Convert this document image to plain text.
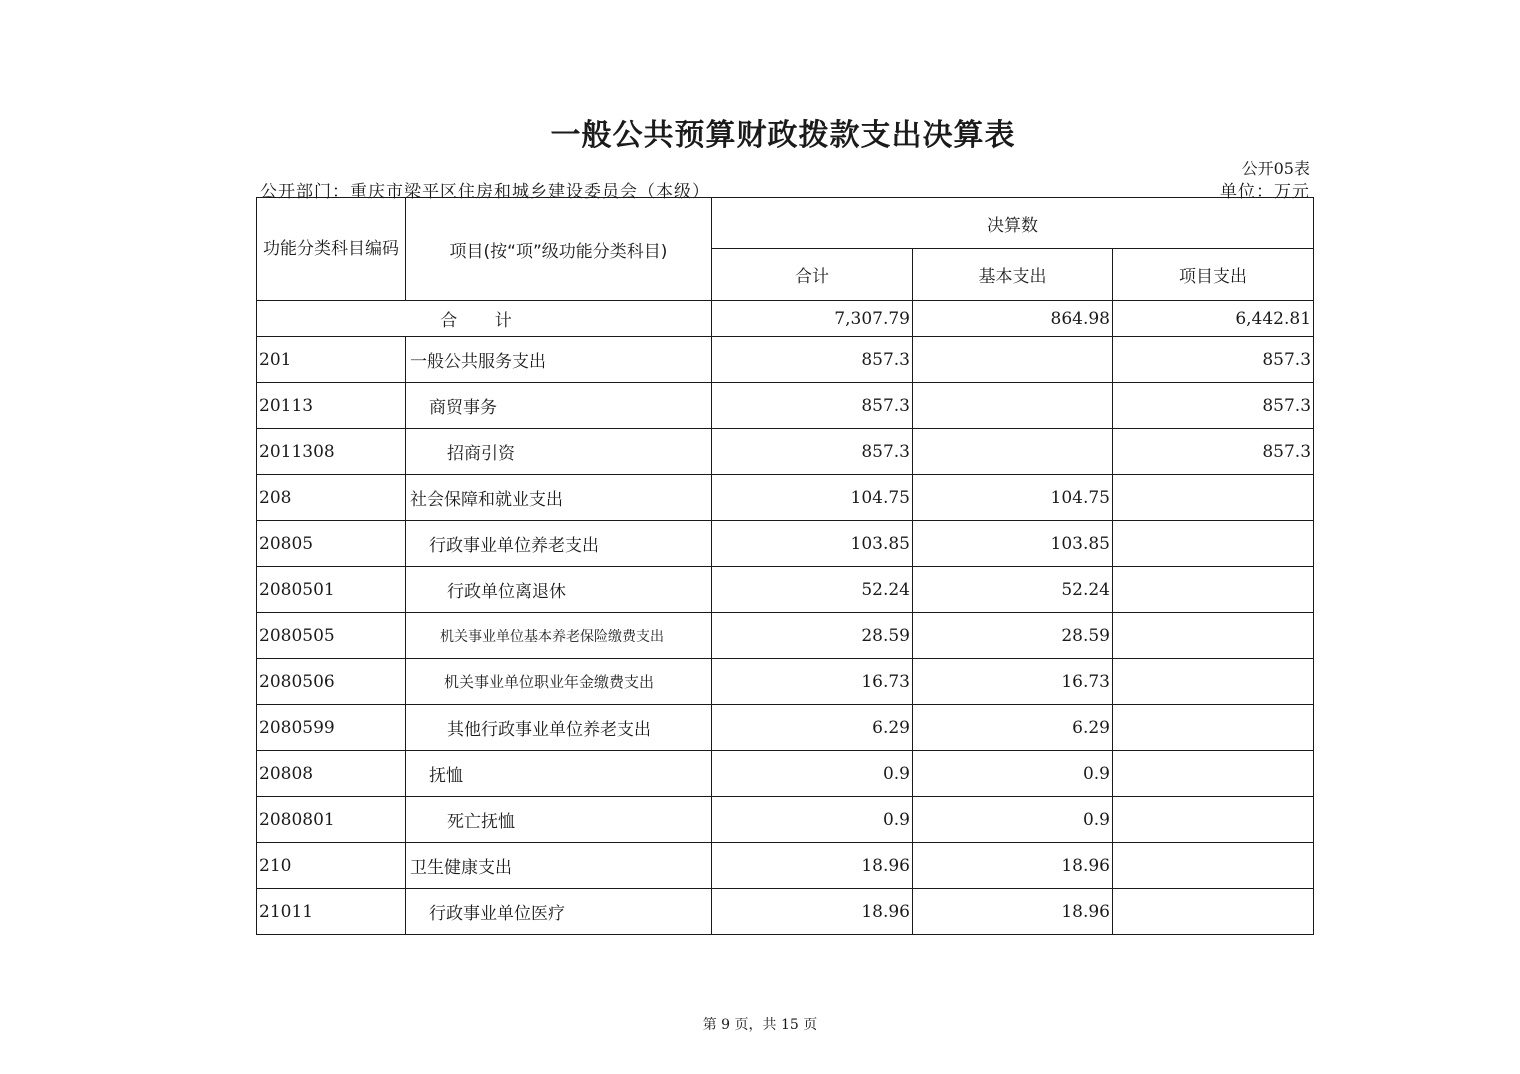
一般公共预算财政拨款支出决算表
公开05表
公开部门：重庆市梁平区住房和城乡建设委员会（本级）	单位：万元
功能分类科目编码	项目(按“项”级功能分类科目)	决算数		
		合计	基本支出	项目支出
合 计		7,307.79	864.98	6,442.81
201	一般公共服务支出	857.3		857.3
20113	商贸事务	857.3		857.3
2011308	招商引资	857.3		857.3
208	社会保障和就业支出	104.75	104.75	
20805	行政事业单位养老支出	103.85	103.85	
2080501	行政单位离退休	52.24	52.24	
2080505	机关事业单位基本养老保险缴费支出	28.59	28.59	
2080506	机关事业单位职业年金缴费支出	16.73	16.73	
2080599	其他行政事业单位养老支出	6.29	6.29	
20808	抚恤	0.9	0.9	
2080801	死亡抚恤	0.9	0.9	
210	卫生健康支出	18.96	18.96	
21011	行政事业单位医疗	18.96	18.96	
第 9 页，共 15 页
